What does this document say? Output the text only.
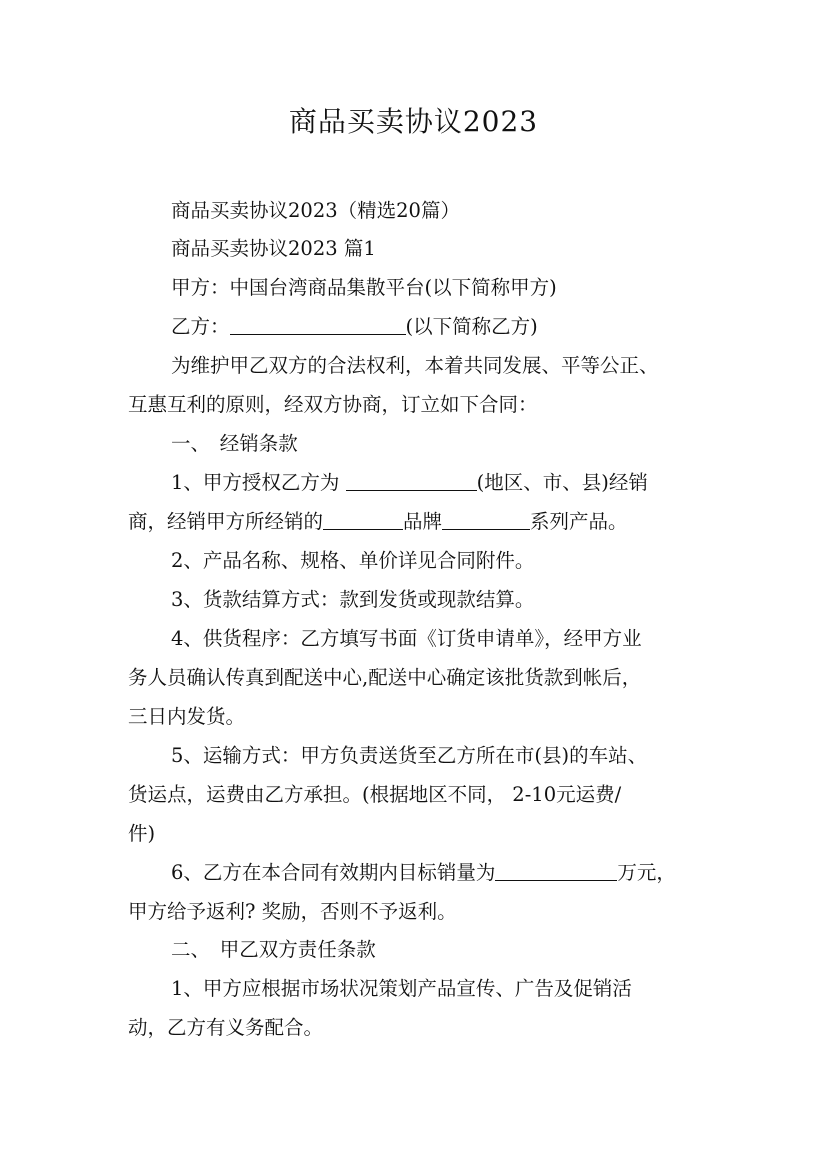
商品买卖协议2023
商品买卖协议2023（精选20篇）
商品买卖协议2023 篇1
甲方：中国台湾商品集散平台(以下简称甲方)
乙方：	(以下简称乙方)
为维护甲乙双方的合法权利，本着共同发展、平等公正、
互惠互利的原则，经双方协商，订立如下合同：
一、　经销条款
1、甲方授权乙方为	(地区、市、县)经销
商，经销甲方所经销的	品牌	系列产品。
2、产品名称、规格、单价详见合同附件。
3、货款结算方式：款到发货或现款结算。
4、供货程序：乙方填写书面《订货申请单》，经甲方业
务人员确认传真到配送中心,配送中心确定该批货款到帐后，
三日内发货。
5、运输方式：甲方负责送货至乙方所在市(县)的车站、
货运点，运费由乙方承担。(根据地区不同， 2-10元运费/
件)
6、乙方在本合同有效期内目标销量为	万元，
甲方给予返利? 奖励，否则不予返利。
二、　甲乙双方责任条款
1、甲方应根据市场状况策划产品宣传、广告及促销活
动，乙方有义务配合。
